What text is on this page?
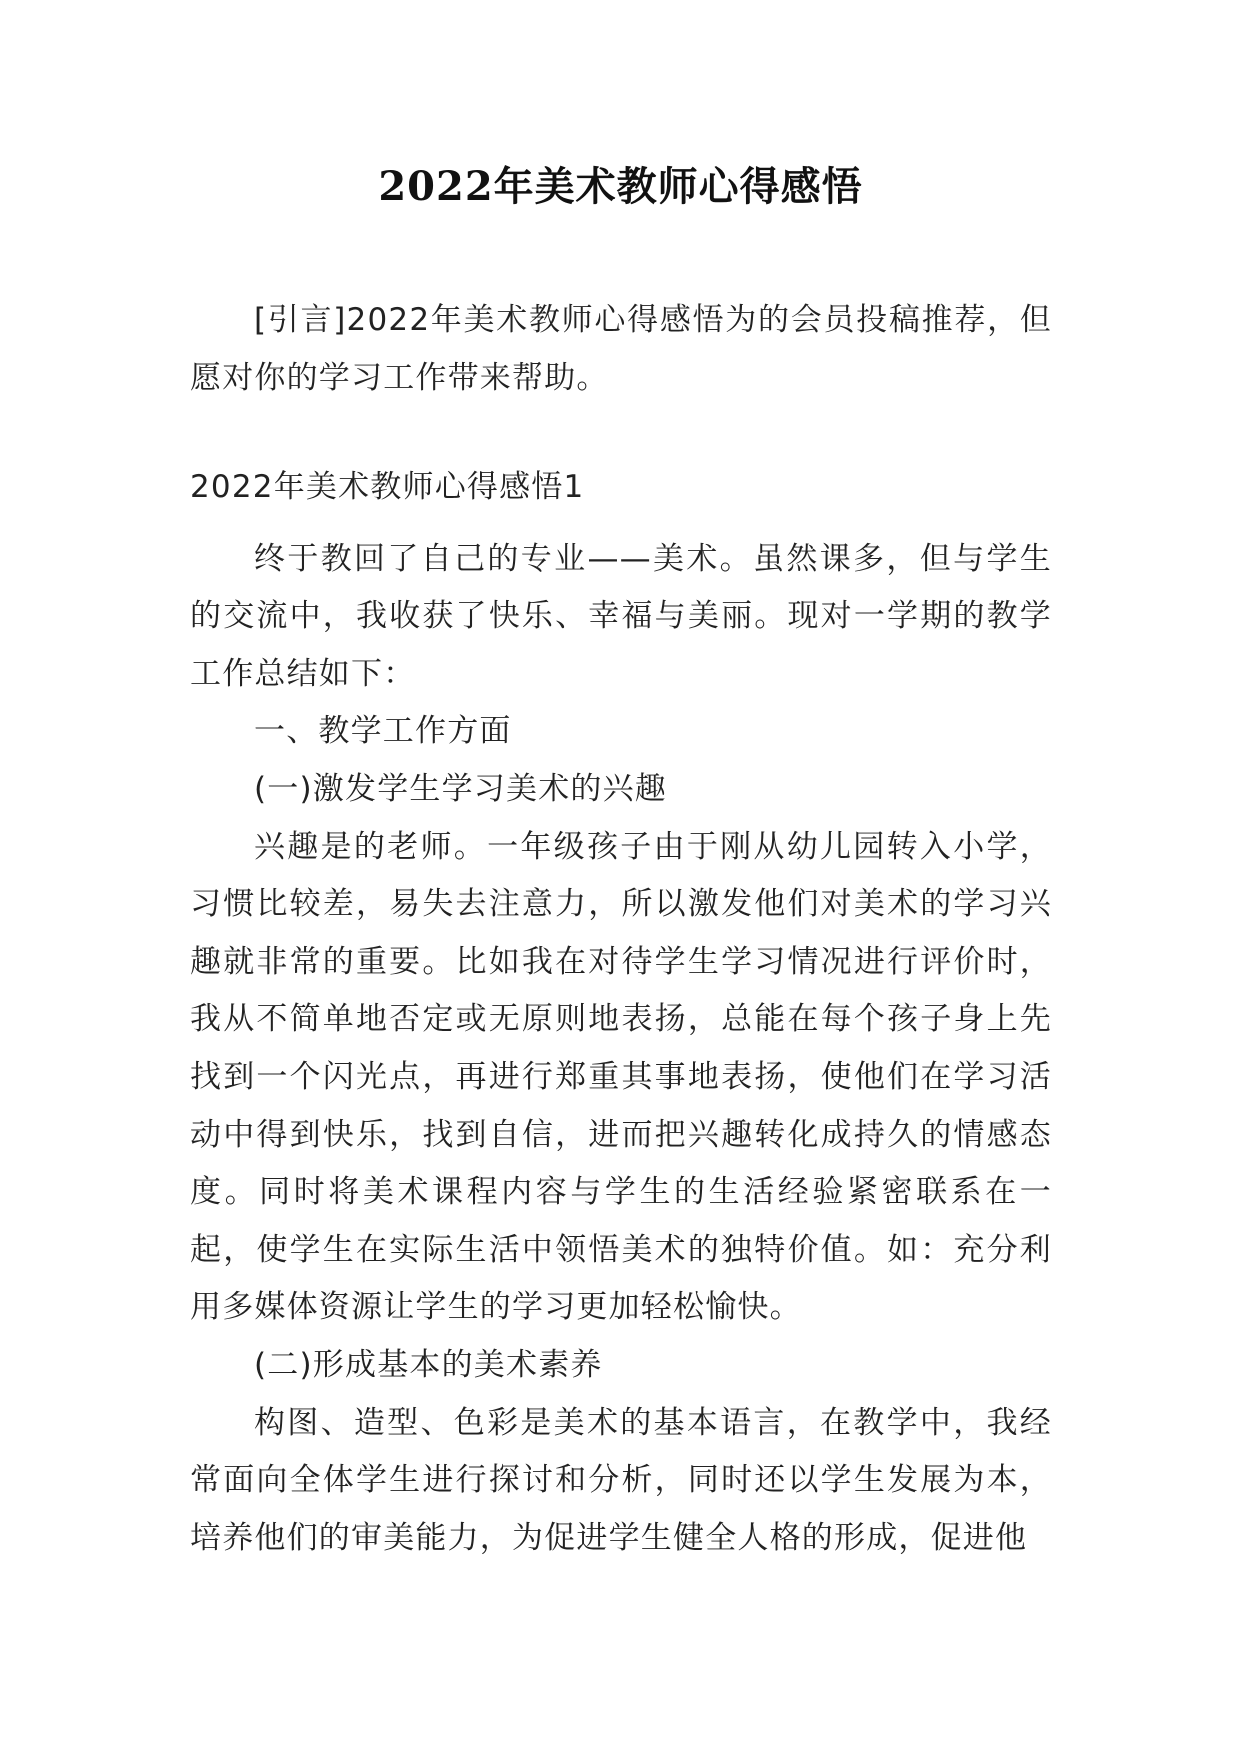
2022年美术教师心得感悟

[引言]2022年美术教师心得感悟为的会员投稿推荐，但愿对你的学习工作带来帮助。

2022年美术教师心得感悟1

终于教回了自己的专业——美术。虽然课多，但与学生的交流中，我收获了快乐、幸福与美丽。现对一学期的教学工作总结如下：

一、教学工作方面

(一)激发学生学习美术的兴趣

兴趣是的老师。一年级孩子由于刚从幼儿园转入小学，习惯比较差，易失去注意力，所以激发他们对美术的学习兴趣就非常的重要。比如我在对待学生学习情况进行评价时，我从不简单地否定或无原则地表扬，总能在每个孩子身上先找到一个闪光点，再进行郑重其事地表扬，使他们在学习活动中得到快乐，找到自信，进而把兴趣转化成持久的情感态度。同时将美术课程内容与学生的生活经验紧密联系在一起，使学生在实际生活中领悟美术的独特价值。如：充分利用多媒体资源让学生的学习更加轻松愉快。

(二)形成基本的美术素养

构图、造型、色彩是美术的基本语言，在教学中，我经常面向全体学生进行探讨和分析，同时还以学生发展为本，培养他们的审美能力，为促进学生健全人格的形成，促进他
